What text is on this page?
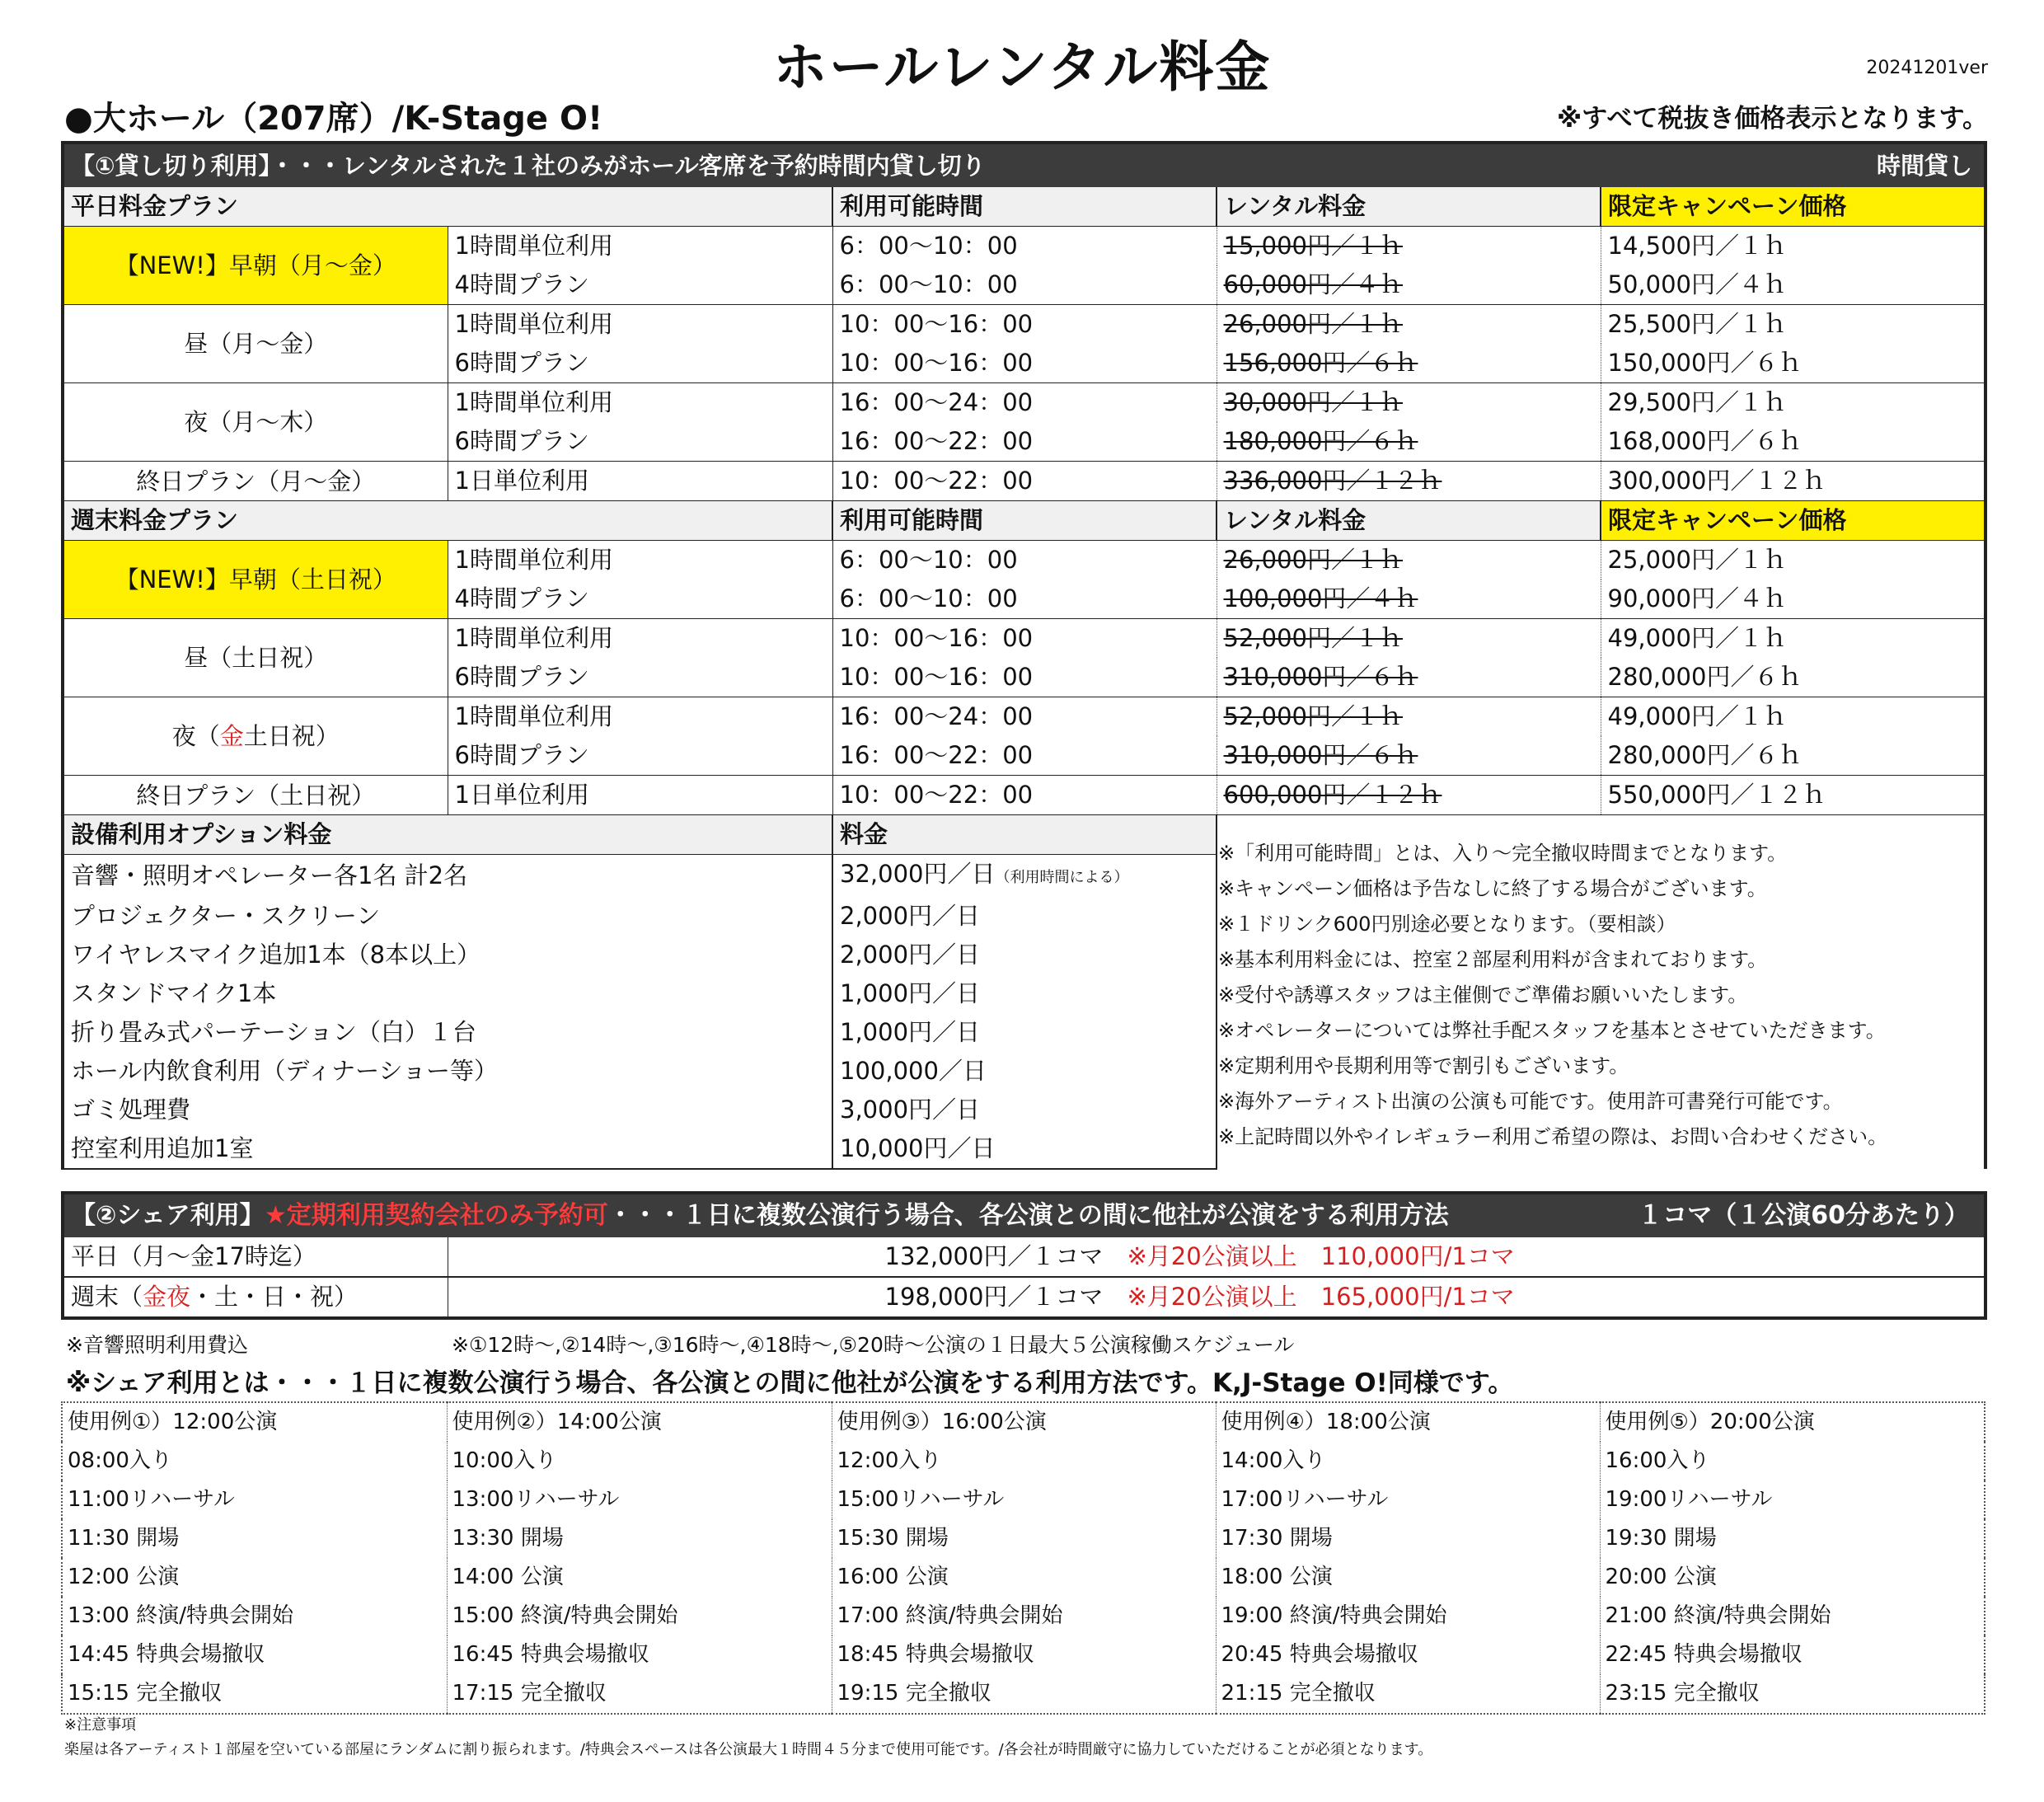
ホールレンタル料金	20241201ver
●大ホール（207席）/K-Stage O!	※すべて税抜き価格表示となります。
【①貸し切り利用】・・・レンタルされた１社のみがホール客席を予約時間内貸し切り				時間貸し
平日料金プラン		利用可能時間	レンタル料金	限定キャンペーン価格
【NEW!】早朝（月～金）	1時間単位利用	6：00～10：00	15,000円／１ｈ	14,500円／１ｈ
	4時間プラン	6：00～10：00	60,000円／４ｈ	50,000円／４ｈ
昼（月～金）	1時間単位利用	10：00～16：00	26,000円／１ｈ	25,500円／１ｈ
	6時間プラン	10：00～16：00	156,000円／６ｈ	150,000円／６ｈ
夜（月～木）	1時間単位利用	16：00～24：00	30,000円／１ｈ	29,500円／１ｈ
	6時間プラン	16：00～22：00	180,000円／６ｈ	168,000円／６ｈ
終日プラン（月～金）	1日単位利用	10：00～22：00	336,000円／１２ｈ	300,000円／１２ｈ
週末料金プラン		利用可能時間	レンタル料金	限定キャンペーン価格
【NEW!】早朝（土日祝）	1時間単位利用	6：00～10：00	26,000円／１ｈ	25,000円／１ｈ
	4時間プラン	6：00～10：00	100,000円／４ｈ	90,000円／４ｈ
昼（土日祝）	1時間単位利用	10：00～16：00	52,000円／１ｈ	49,000円／１ｈ
	6時間プラン	10：00～16：00	310,000円／６ｈ	280,000円／６ｈ
夜（金土日祝）	1時間単位利用	16：00～24：00	52,000円／１ｈ	49,000円／１ｈ
	6時間プラン	16：00～22：00	310,000円／６ｈ	280,000円／６ｈ
終日プラン（土日祝）	1日単位利用	10：00～22：00	600,000円／１２ｈ	550,000円／１２ｈ
設備利用オプション料金		料金		
音響・照明オペレーター各1名 計2名		32,000円／日（利用時間による）		
プロジェクター・スクリーン		2,000円／日		
ワイヤレスマイク追加1本（8本以上）		2,000円／日		
スタンドマイク1本		1,000円／日		
折り畳み式パーテーション（白）１台		1,000円／日		
ホール内飲食利用（ディナーショー等）		100,000／日		
ゴミ処理費		3,000円／日		
控室利用追加1室		10,000円／日		
※「利用可能時間」とは、入り～完全撤収時間までとなります。
※キャンペーン価格は予告なしに終了する場合がございます。
※１ドリンク600円別途必要となります。（要相談）
※基本利用料金には、控室２部屋利用料が含まれております。
※受付や誘導スタッフは主催側でご準備お願いいたします。
※オペレーターについては弊社手配スタッフを基本とさせていただきます。
※定期利用や長期利用等で割引もございます。
※海外アーティスト出演の公演も可能です。使用許可書発行可能です。
※上記時間以外やイレギュラー利用ご希望の際は、お問い合わせください。
【②シェア利用】★定期利用契約会社のみ予約可・・・１日に複数公演行う場合、各公演との間に他社が公演をする利用方法	１コマ（１公演60分あたり）
平日（月～金17時迄）	132,000円／１コマ　 ※月20公演以上　110,000円/1コマ
週末（金夜・土・日・祝）	198,000円／１コマ　 ※月20公演以上　165,000円/1コマ
※音響照明利用費込	※①12時～,②14時～,③16時～,④18時～,⑤20時～公演の１日最大５公演稼働スケジュール
※シェア利用とは・・・１日に複数公演行う場合、各公演との間に他社が公演をする利用方法です。K,J-Stage O!同様です。
使用例①）12:00公演	使用例②）14:00公演	使用例③）16:00公演	使用例④）18:00公演	使用例⑤）20:00公演
08:00入り	10:00入り	12:00入り	14:00入り	16:00入り
11:00リハーサル	13:00リハーサル	15:00リハーサル	17:00リハーサル	19:00リハーサル
11:30 開場	13:30 開場	15:30 開場	17:30 開場	19:30 開場
12:00 公演	14:00 公演	16:00 公演	18:00 公演	20:00 公演
13:00 終演/特典会開始	15:00 終演/特典会開始	17:00 終演/特典会開始	19:00 終演/特典会開始	21:00 終演/特典会開始
14:45 特典会場撤収	16:45 特典会場撤収	18:45 特典会場撤収	20:45 特典会場撤収	22:45 特典会場撤収
15:15 完全撤収	17:15 完全撤収	19:15 完全撤収	21:15 完全撤収	23:15 完全撤収
※注意事項
楽屋は各アーティスト１部屋を空いている部屋にランダムに割り振られます。/特典会スペースは各公演最大１時間４５分まで使用可能です。/各会社が時間厳守に協力していただけることが必須となります。
